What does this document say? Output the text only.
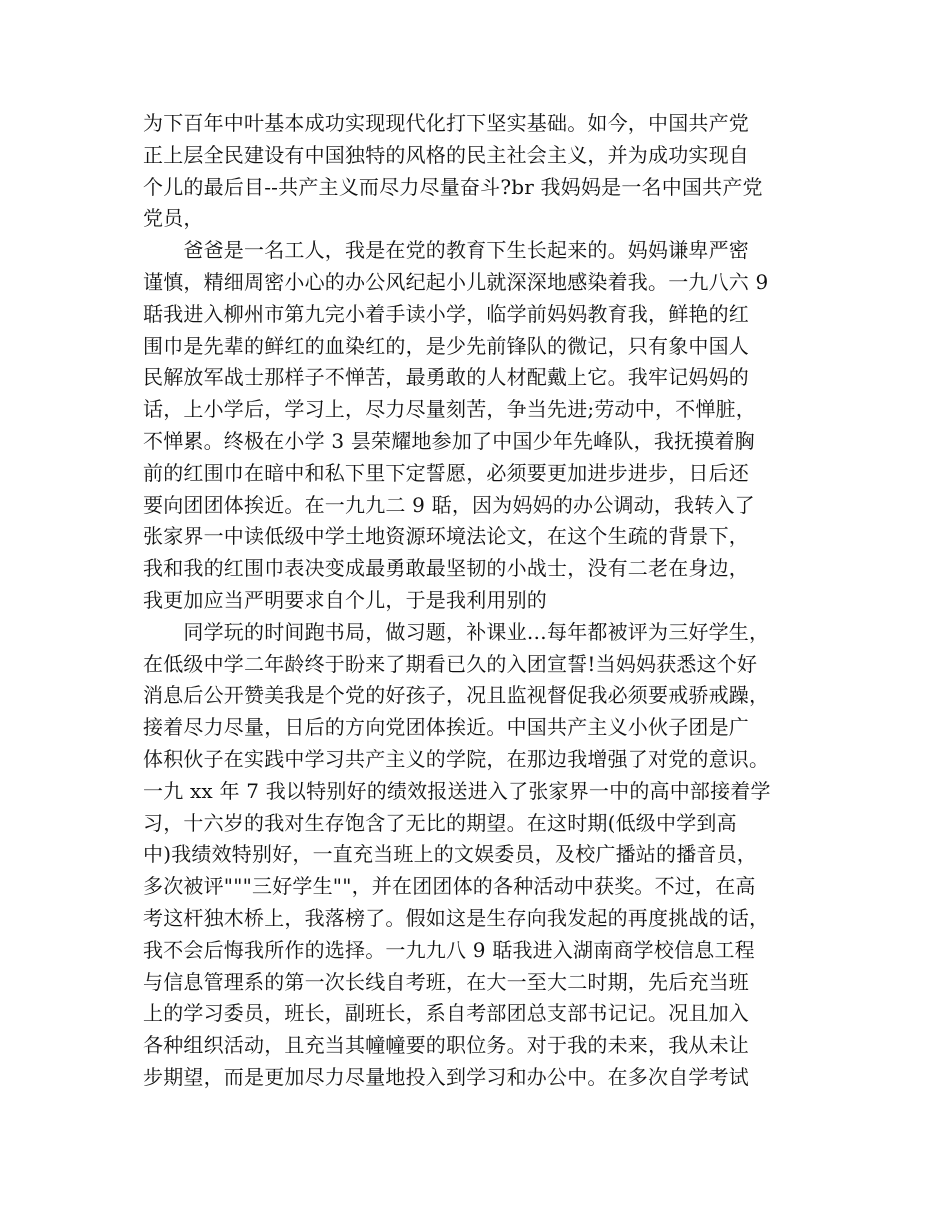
为下百年中叶基本成功实现现代化打下坚实基础。如今，中国共产党
正上层全民建设有中国独特的风格的民主社会主义，并为成功实现自
个儿的最后目--共产主义而尽力尽量奋斗?br 我妈妈是一名中国共产党
党员，
　　爸爸是一名工人，我是在党的教育下生长起来的。妈妈谦卑严密
谨慎，精细周密小心的办公风纪起小儿就深深地感染着我。一九八六 9
聒我进入柳州市第九完小着手读小学，临学前妈妈教育我，鲜艳的红
围巾是先辈的鲜红的血染红的，是少先前锋队的微记，只有象中国人
民解放军战士那样子不惮苦，最勇敢的人材配戴上它。我牢记妈妈的
话，上小学后，学习上，尽力尽量刻苦，争当先进;劳动中，不惮脏，
不惮累。终极在小学 3 昙荣耀地参加了中国少年先峰队，我抚摸着胸
前的红围巾在暗中和私下里下定誓愿，必须要更加进步进步，日后还
要向团团体挨近。在一九九二 9 聒，因为妈妈的办公调动，我转入了
张家界一中读低级中学土地资源环境法论文，在这个生疏的背景下，
我和我的红围巾表决变成最勇敢最坚韧的小战士，没有二老在身边，
我更加应当严明要求自个儿，于是我利用别的
　　同学玩的时间跑书局，做习题，补课业…每年都被评为三好学生，
在低级中学二年龄终于盼来了期看已久的入团宣誓!当妈妈获悉这个好
消息后公开赞美我是个党的好孩子，况且监视督促我必须要戒骄戒躁，
接着尽力尽量，日后的方向党团体挨近。中国共产主义小伙子团是广
体积伙子在实践中学习共产主义的学院，在那边我增强了对党的意识。
一九 xx 年 7 我以特别好的绩效报送进入了张家界一中的高中部接着学
习，十六岁的我对生存饱含了无比的期望。在这时期(低级中学到高
中)我绩效特别好，一直充当班上的文娱委员，及校广播站的播音员，
多次被评"""三好学生""，并在团团体的各种活动中获奖。不过，在高
考这杆独木桥上，我落榜了。假如这是生存向我发起的再度挑战的话，
我不会后悔我所作的选择。一九九八 9 聒我进入湖南商学校信息工程
与信息管理系的第一次长线自考班，在大一至大二时期，先后充当班
上的学习委员，班长，副班长，系自考部团总支部书记记。况且加入
各种组织活动，且充当其幢幢要的职位务。对于我的未来，我从未让
步期望，而是更加尽力尽量地投入到学习和办公中。在多次自学考试
